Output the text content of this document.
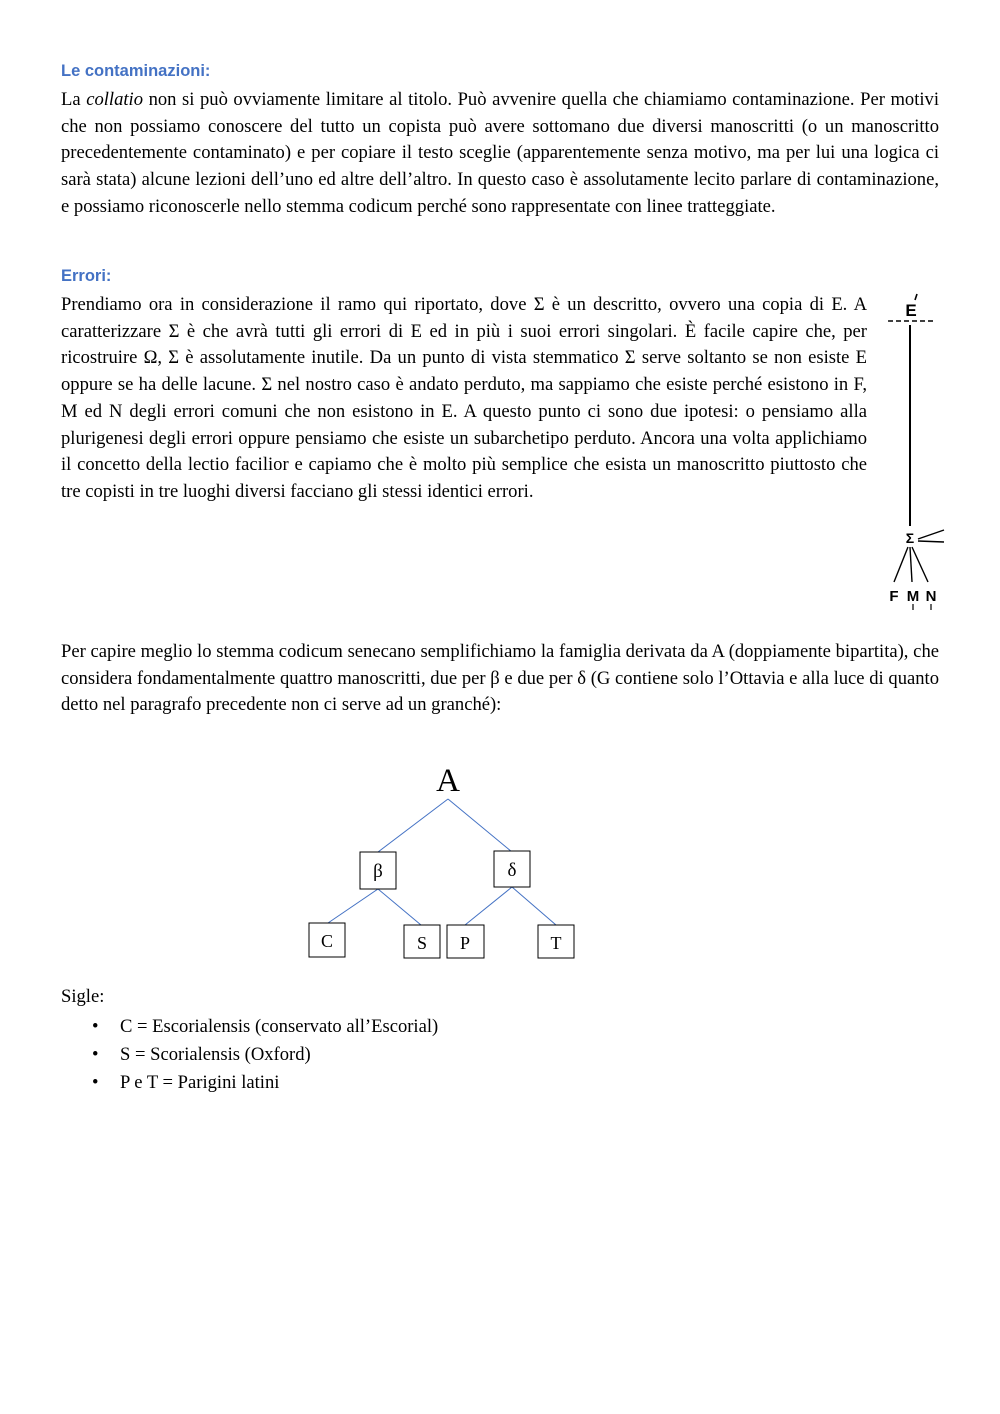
Le contaminazioni:

La collatio non si può ovviamente limitare al titolo. Può avvenire quella che chiamiamo contaminazione. Per motivi che non possiamo conoscere del tutto un copista può avere sottomano due diversi manoscritti (o un manoscritto precedentemente contaminato) e per copiare il testo sceglie (apparentemente senza motivo, ma per lui una logica ci sarà stata) alcune lezioni dell’uno ed altre dell’altro. In questo caso è assolutamente lecito parlare di contaminazione, e possiamo riconoscerle nello stemma codicum perché sono rappresentate con linee tratteggiate.

Errori:

Prendiamo ora in considerazione il ramo qui riportato, dove Σ è un descritto, ovvero una copia di E. A caratterizzare Σ è che avrà tutti gli errori di E ed in più i suoi errori singolari. È facile capire che, per ricostruire Ω, Σ è assolutamente inutile. Da un punto di vista stemmatico Σ serve soltanto se non esiste E oppure se ha delle lacune. Σ nel nostro caso è andato perduto, ma sappiamo che esiste perché esistono in F, M ed N degli errori comuni che non esistono in E. A questo punto ci sono due ipotesi: o pensiamo alla plurigenesi degli errori oppure pensiamo che esiste un subarchetipo perduto. Ancora una volta applichiamo il concetto della lectio facilior e capiamo che è molto più semplice che esista un manoscritto piuttosto che tre copisti in tre luoghi diversi facciano gli stessi identici errori.

E
Σ
F M N

Per capire meglio lo stemma codicum senecano semplifichiamo la famiglia derivata da A (doppiamente bipartita), che considera fondamentalmente quattro manoscritti, due per β e due per δ (G contiene solo l’Ottavia e alla luce di quanto detto nel paragrafo precedente non ci serve ad un granché):

A
β	δ
C	S P	T

Sigle:

• C = Escorialensis (conservato all’Escorial)
• S = Scorialensis (Oxford)
• P e T = Parigini latini
